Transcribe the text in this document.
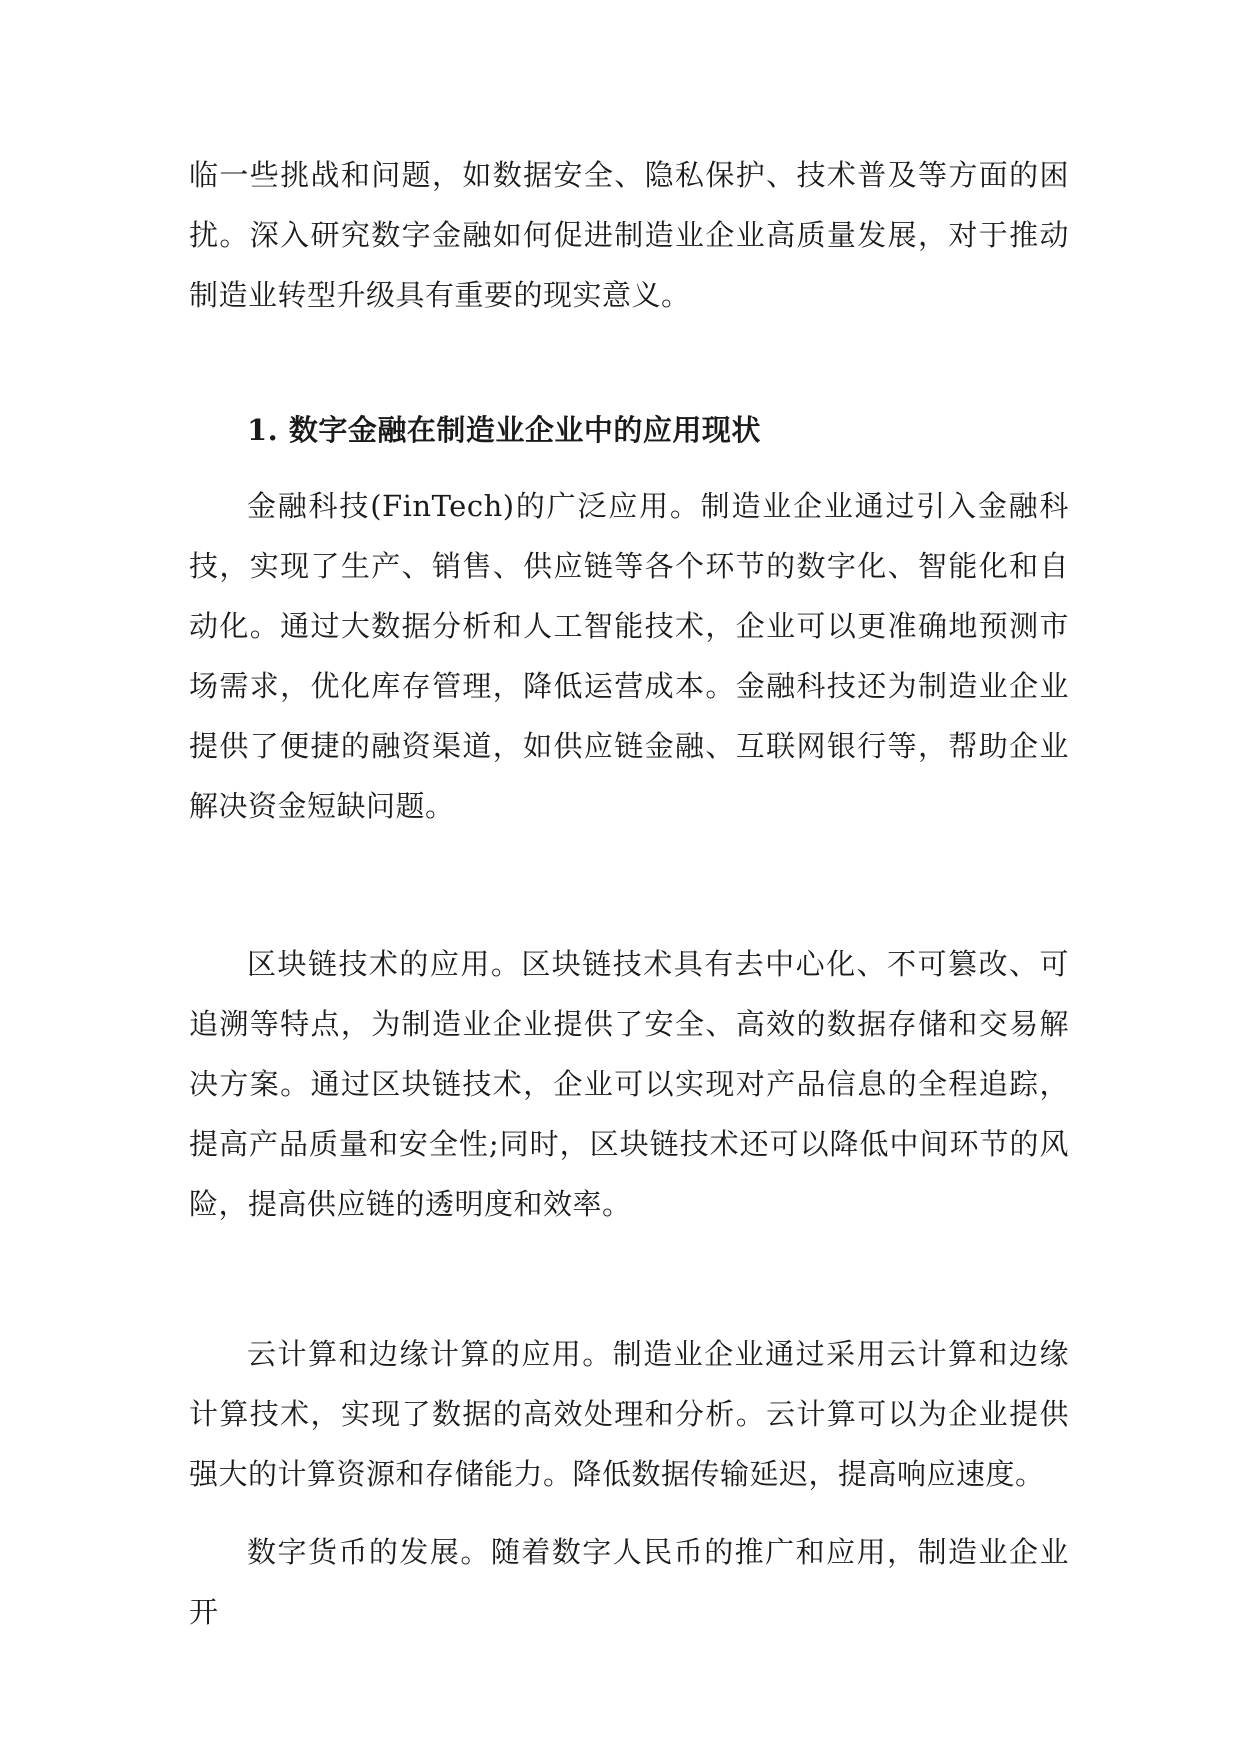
临一些挑战和问题，如数据安全、隐私保护、技术普及等方面的困扰。深入研究数字金融如何促进制造业企业高质量发展，对于推动制造业转型升级具有重要的现实意义。

1. 数字金融在制造业企业中的应用现状

金融科技(FinTech)的广泛应用。制造业企业通过引入金融科技，实现了生产、销售、供应链等各个环节的数字化、智能化和自动化。通过大数据分析和人工智能技术，企业可以更准确地预测市场需求，优化库存管理，降低运营成本。金融科技还为制造业企业提供了便捷的融资渠道，如供应链金融、互联网银行等，帮助企业解决资金短缺问题。

区块链技术的应用。区块链技术具有去中心化、不可篡改、可追溯等特点，为制造业企业提供了安全、高效的数据存储和交易解决方案。通过区块链技术，企业可以实现对产品信息的全程追踪，提高产品质量和安全性;同时，区块链技术还可以降低中间环节的风险，提高供应链的透明度和效率。

云计算和边缘计算的应用。制造业企业通过采用云计算和边缘计算技术，实现了数据的高效处理和分析。云计算可以为企业提供强大的计算资源和存储能力。降低数据传输延迟，提高响应速度。

数字货币的发展。随着数字人民币的推广和应用，制造业企业开
